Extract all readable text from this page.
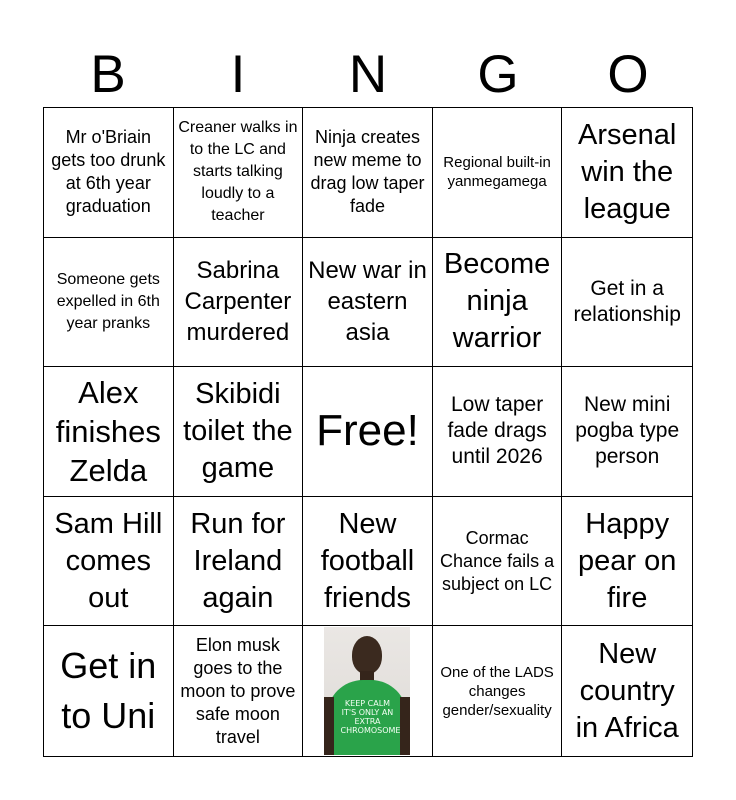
B	I	N	G	O
Mr o'Briain gets too drunk at 6th year graduation
Creaner walks in to the LC and starts talking loudly to a teacher
Ninja creates new meme to drag low taper fade
Regional built-in yanmegamega
Arsenal win the league
Someone gets expelled in 6th year pranks
Sabrina Carpenter murdered
New war in eastern asia
Become ninja warrior
Get in a relationship
Alex finishes Zelda
Skibidi toilet the game
Free!
Low taper fade drags until 2026
New mini pogba type person
Sam Hill comes out
Run for Ireland again
New football friends
Cormac Chance fails a subject on LC
Happy pear on fire
Get in to Uni
Elon musk goes to the moon to prove safe moon travel
KEEP CALM IT'S ONLY AN EXTRA CHROMOSOME
One of the LADS changes gender/sexuality
New country in Africa
